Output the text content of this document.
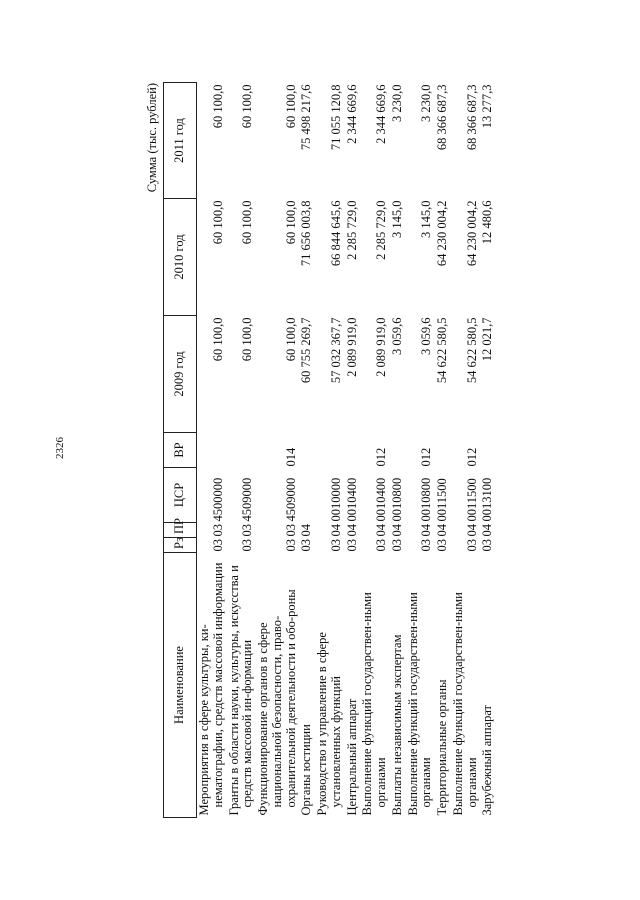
2326
Сумма (тыс. рублей)
Наименование	Рз	ПР	ЦСР	ВР	2009 год	2010 год	2011 год
Мероприятия в сфере культуры, ки-нематографии, средств массовой информации	03	03	4500000		60 100,0	60 100,0	60 100,0
Гранты в области науки, культуры, искусства и средств массовой ин-формации	03	03	4509000		60 100,0	60 100,0	60 100,0
Функционирование органов в сфере национальной безопасности, право-охранительной деятельности и обо-роны	03	03	4509000	014	60 100,0	60 100,0	60 100,0
Органы юстиции	03	04			60 755 269,7	71 656 003,8	75 498 217,6
Руководство и управление в сфере установленных функций	03	04	0010000		57 032 367,7	66 844 645,6	71 055 120,8
Центральный аппарат	03	04	0010400		2 089 919,0	2 285 729,0	2 344 669,6
Выполнение функций государствен-ными органами	03	04	0010400	012	2 089 919,0	2 285 729,0	2 344 669,6
Выплаты независимым экспертам	03	04	0010800		3 059,6	3 145,0	3 230,0
Выполнение функций государствен-ными органами	03	04	0010800	012	3 059,6	3 145,0	3 230,0
Территориальные органы	03	04	0011500		54 622 580,5	64 230 004,2	68 366 687,3
Выполнение функций государствен-ными органами	03	04	0011500	012	54 622 580,5	64 230 004,2	68 366 687,3
Зарубежный аппарат	03	04	0013100		12 021,7	12 480,6	13 277,3
